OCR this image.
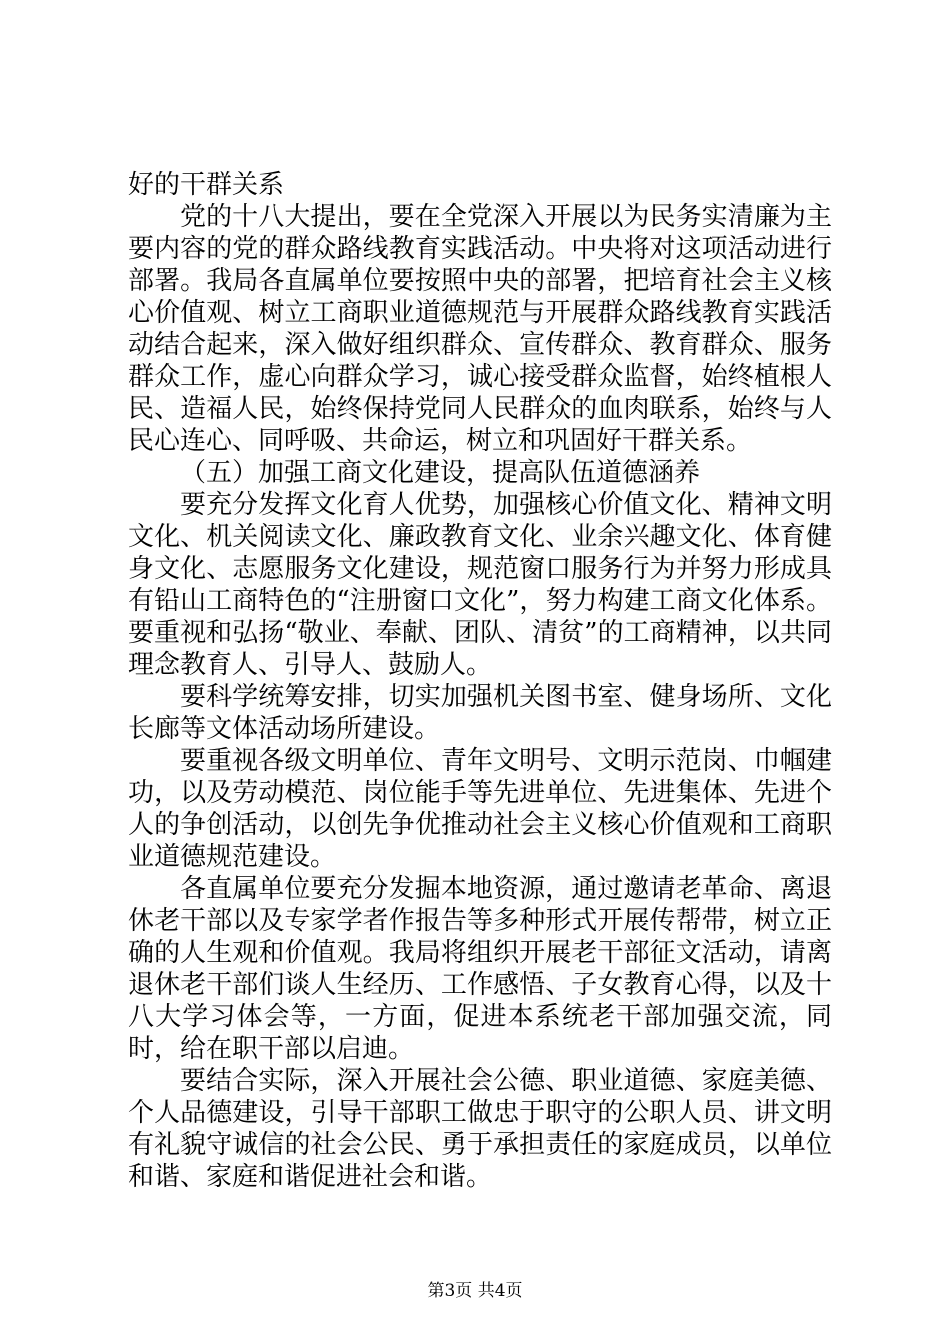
好的干群关系

党的十八大提出，要在全党深入开展以为民务实清廉为主要内容的党的群众路线教育实践活动。中央将对这项活动进行部署。我局各直属单位要按照中央的部署，把培育社会主义核心价值观、树立工商职业道德规范与开展群众路线教育实践活动结合起来，深入做好组织群众、宣传群众、教育群众、服务群众工作，虚心向群众学习，诚心接受群众监督，始终植根人民、造福人民，始终保持党同人民群众的血肉联系，始终与人民心连心、同呼吸、共命运，树立和巩固好干群关系。

（五）加强工商文化建设，提高队伍道德涵养

要充分发挥文化育人优势，加强核心价值文化、精神文明文化、机关阅读文化、廉政教育文化、业余兴趣文化、体育健身文化、志愿服务文化建设，规范窗口服务行为并努力形成具有铅山工商特色的“注册窗口文化”，努力构建工商文化体系。要重视和弘扬“敬业、奉献、团队、清贫”的工商精神，以共同理念教育人、引导人、鼓励人。

要科学统筹安排，切实加强机关图书室、健身场所、文化长廊等文体活动场所建设。

要重视各级文明单位、青年文明号、文明示范岗、巾帼建功，以及劳动模范、岗位能手等先进单位、先进集体、先进个人的争创活动，以创先争优推动社会主义核心价值观和工商职业道德规范建设。

各直属单位要充分发掘本地资源，通过邀请老革命、离退休老干部以及专家学者作报告等多种形式开展传帮带，树立正确的人生观和价值观。我局将组织开展老干部征文活动，请离退休老干部们谈人生经历、工作感悟、子女教育心得，以及十八大学习体会等，一方面，促进本系统老干部加强交流，同时，给在职干部以启迪。

要结合实际，深入开展社会公德、职业道德、家庭美德、个人品德建设，引导干部职工做忠于职守的公职人员、讲文明有礼貌守诚信的社会公民、勇于承担责任的家庭成员，以单位和谐、家庭和谐促进社会和谐。

第3页 共4页
